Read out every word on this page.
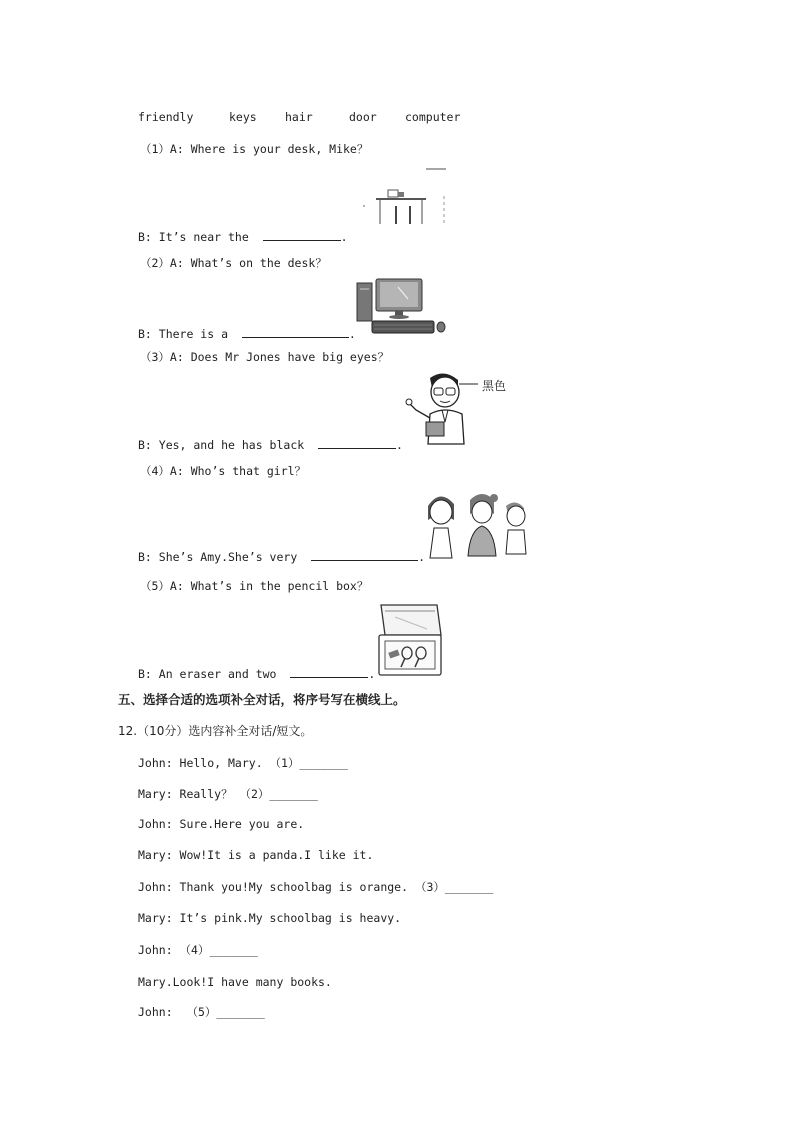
friendly	keys hair	door computer
（1）A: Where is your desk, Mike？
B: It’s near the	.
（2）A: What’s on the desk？
B: There is a	.
（3）A: Does Mr Jones have big eyes？
黑色
B: Yes, and he has black	.
（4）A: Who’s that girl？
B: She’s Amy.She’s very	.
（5）A: What’s in the pencil box？
B: An eraser and two	.
五、选择合适的选项补全对话，将序号写在横线上。
12.（10分）选内容补全对话/短文。
John: Hello, Mary. （1）_______
Mary: Really？ （2）_______
John: Sure.Here you are.
Mary: Wow!It is a panda.I like it.
John: Thank you!My schoolbag is orange. （3）_______
Mary: It’s pink.My schoolbag is heavy.
John: （4）_______
Mary.Look!I have many books.
John:  （5）_______
